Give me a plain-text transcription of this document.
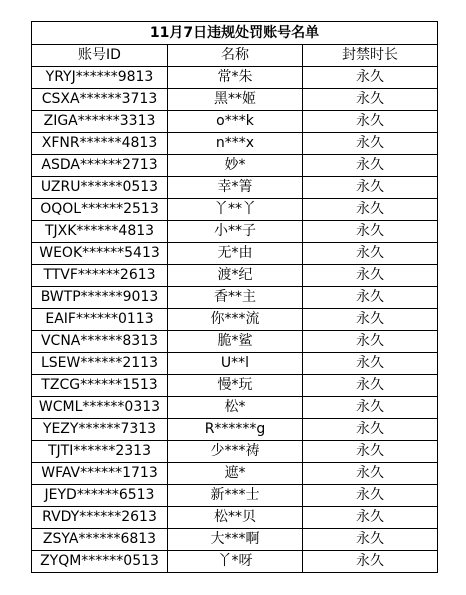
11月7日违规处罚账号名单		
账号ID	名称	封禁时长
YRYJ******9813	常*朱	永久
CSXA******3713	黑**姬	永久
ZIGA******3313	o***k	永久
XFNR******4813	n***x	永久
ASDA******2713	妙*	永久
UZRU******0513	幸*箐	永久
OQOL******2513	丫**丫	永久
TJXK******4813	小**子	永久
WEOK******5413	无*由	永久
TTVF******2613	渡*纪	永久
BWTP******9013	香**主	永久
EAIF******0113	你***流	永久
VCNA******8313	脆*鲨	永久
LSEW******2113	U**l	永久
TZCG******1513	慢*玩	永久
WCML******0313	松*	永久
YEZY******7313	R******g	永久
TJTI******2313	少***祷	永久
WFAV******1713	遮*	永久
JEYD******6513	新***士	永久
RVDY******2613	松**贝	永久
ZSYA******6813	大***啊	永久
ZYQM******0513	丫*呀	永久
